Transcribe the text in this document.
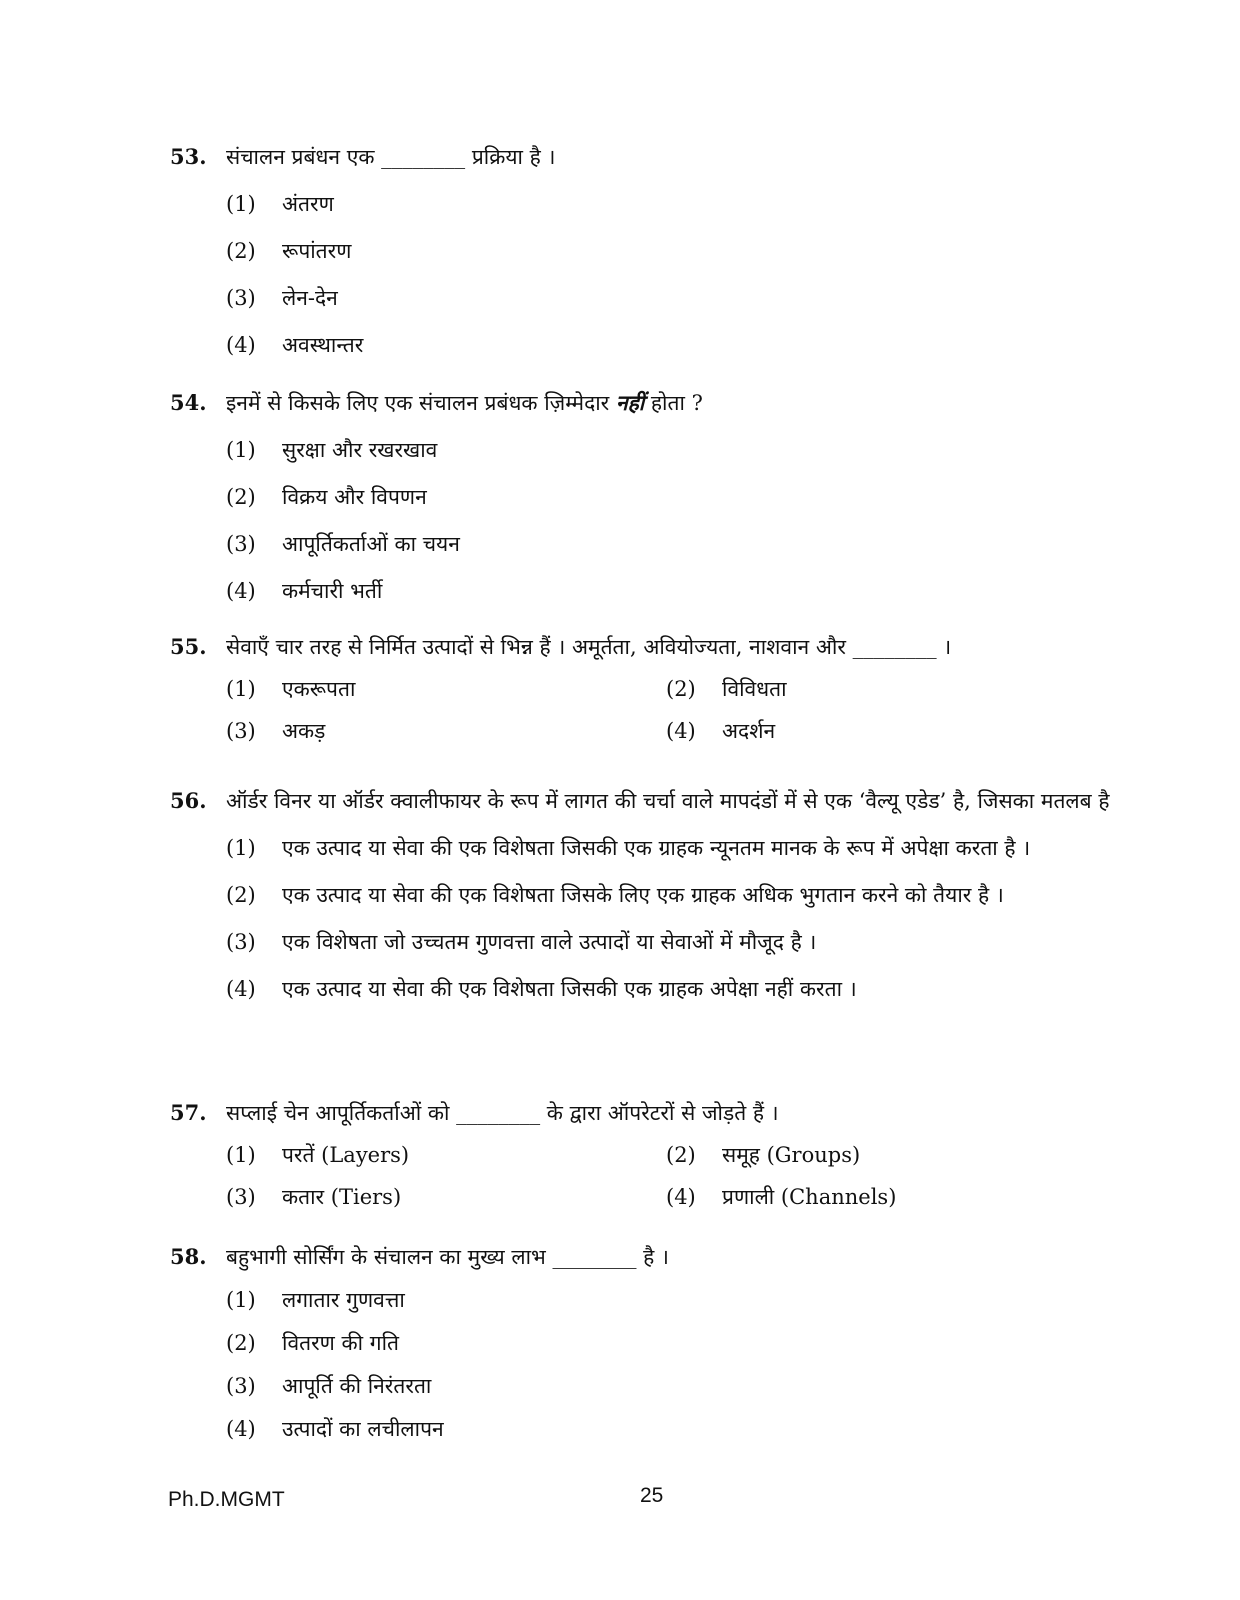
53. संचालन प्रबंधन एक ________ प्रक्रिया है ।
(1)	अंतरण
(2)	रूपांतरण
(3)	लेन-देन
(4)	अवस्थान्तर
54. इनमें से किसके लिए एक संचालन प्रबंधक ज़िम्मेदार नहीं होता ?
(1)	सुरक्षा और रखरखाव
(2)	विक्रय और विपणन
(3)	आपूर्तिकर्ताओं का चयन
(4)	कर्मचारी भर्ती
55. सेवाएँ चार तरह से निर्मित उत्पादों से भिन्न हैं । अमूर्तता, अवियोज्यता, नाशवान और ________ ।
(1)	एकरूपता	(2)	विविधता
(3)	अकड़	(4)	अदर्शन
56. ऑर्डर विनर या ऑर्डर क्वालीफायर के रूप में लागत की चर्चा वाले मापदंडों में से एक ‘वैल्यू एडेड’ है, जिसका मतलब है
(1)	एक उत्पाद या सेवा की एक विशेषता जिसकी एक ग्राहक न्यूनतम मानक के रूप में अपेक्षा करता है ।
(2)	एक उत्पाद या सेवा की एक विशेषता जिसके लिए एक ग्राहक अधिक भुगतान करने को तैयार है ।
(3)	एक विशेषता जो उच्चतम गुणवत्ता वाले उत्पादों या सेवाओं में मौजूद है ।
(4)	एक उत्पाद या सेवा की एक विशेषता जिसकी एक ग्राहक अपेक्षा नहीं करता ।
57. सप्लाई चेन आपूर्तिकर्ताओं को ________ के द्वारा ऑपरेटरों से जोड़ते हैं ।
(1)	परतें (Layers)	(2)	समूह (Groups)
(3)	कतार (Tiers)	(4)	प्रणाली (Channels)
58. बहुभागी सोर्सिंग के संचालन का मुख्य लाभ ________ है ।
(1)	लगातार गुणवत्ता
(2)	वितरण की गति
(3)	आपूर्ति की निरंतरता
(4)	उत्पादों का लचीलापन
Ph.D.MGMT	25
